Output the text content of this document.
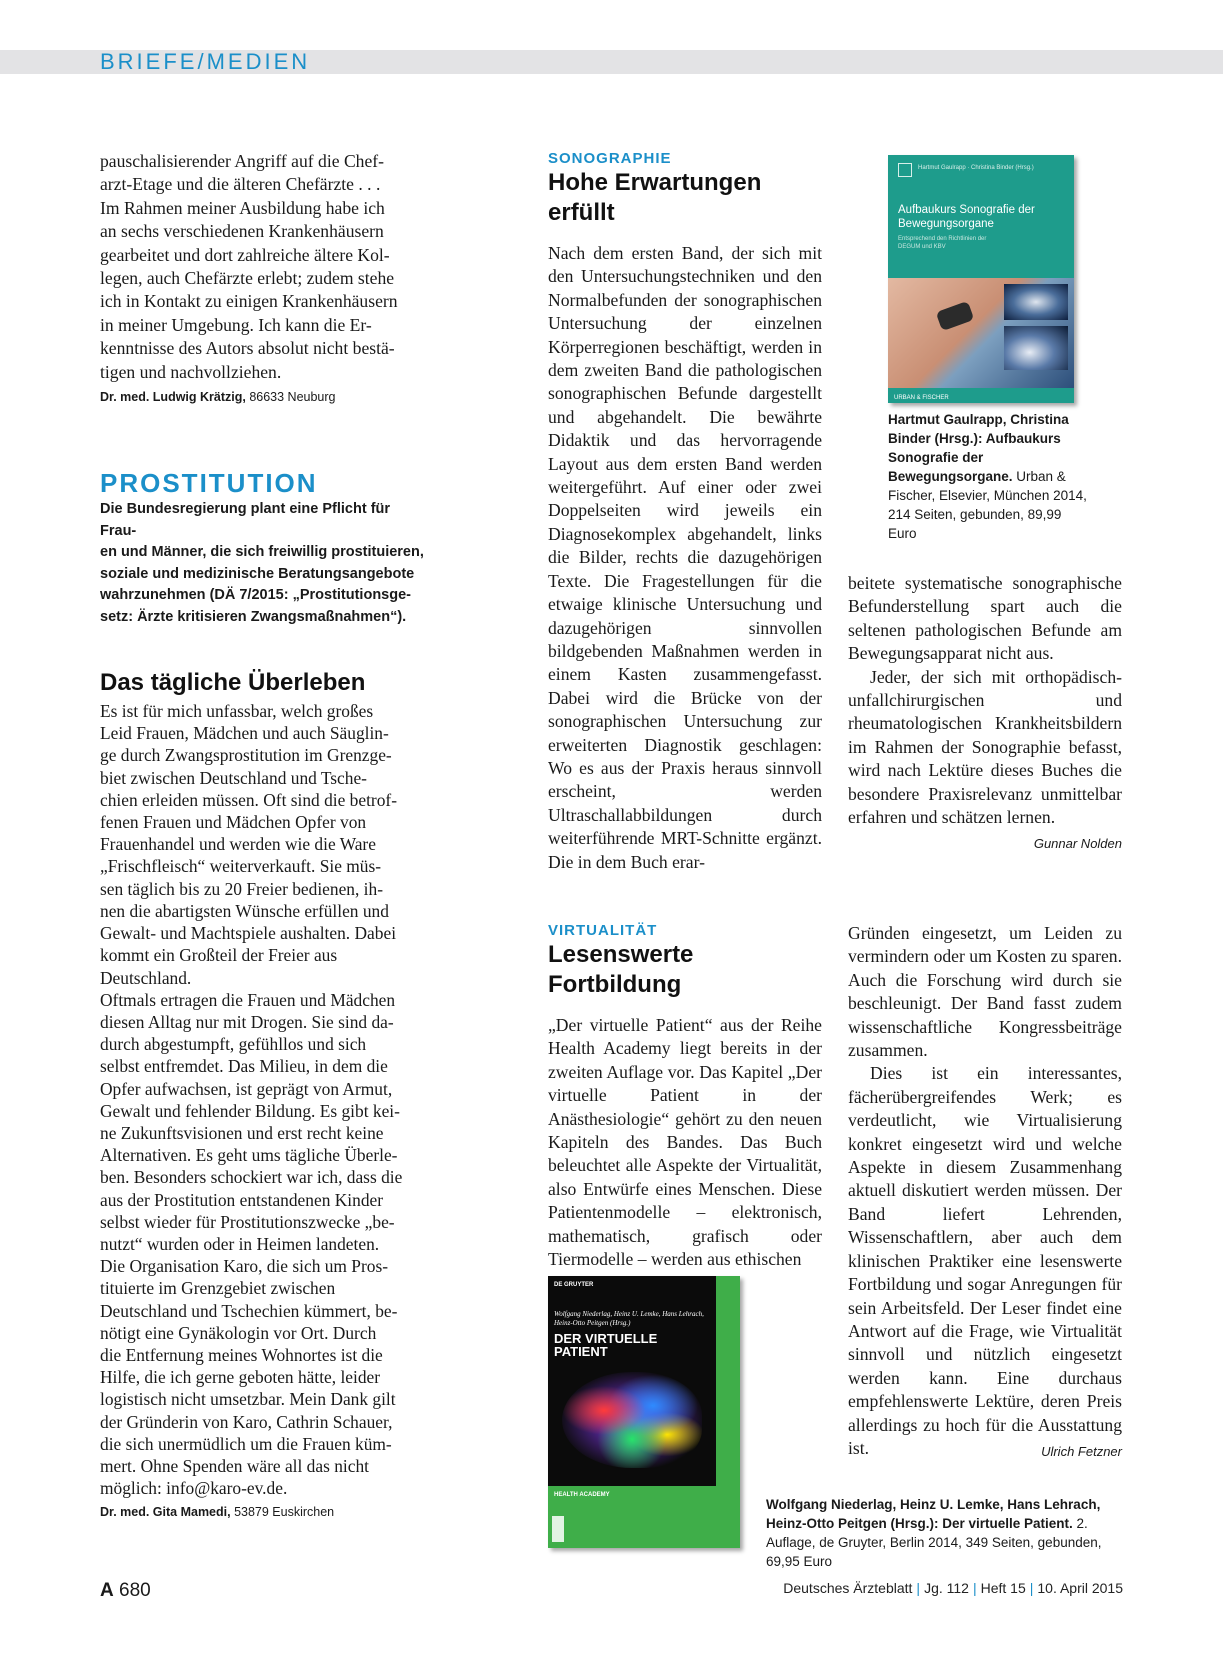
BRIEFE/MEDIEN

pauschalisierender Angriff auf die Chef-
arzt-Etage und die älteren Chefärzte . . .
Im Rahmen meiner Ausbildung habe ich
an sechs verschiedenen Krankenhäusern
gearbeitet und dort zahlreiche ältere Kol-
legen, auch Chefärzte erlebt; zudem stehe
ich in Kontakt zu einigen Krankenhäusern
in meiner Umgebung. Ich kann die Er-
kenntnisse des Autors absolut nicht bestä-
tigen und nachvollziehen.

Dr. med. Ludwig Krätzig, 86633 Neuburg
PROSTITUTION

Die Bundesregierung plant eine Pflicht für Frau-
en und Männer, die sich freiwillig prostituieren,
soziale und medizinische Beratungsangebote
wahrzunehmen (DÄ 7/2015: „Prostitutionsge-
setz: Ärzte kritisieren Zwangsmaßnahmen“).

Das tägliche Überleben

Es ist für mich unfassbar, welch großes
Leid Frauen, Mädchen und auch Säuglin-
ge durch Zwangsprostitution im Grenzge-
biet zwischen Deutschland und Tsche-
chien erleiden müssen. Oft sind die betrof-
fenen Frauen und Mädchen Opfer von
Frauenhandel und werden wie die Ware
„Frischfleisch“ weiterverkauft. Sie müs-
sen täglich bis zu 20 Freier bedienen, ih-
nen die abartigsten Wünsche erfüllen und
Gewalt- und Machtspiele aushalten. Dabei
kommt ein Großteil der Freier aus
Deutschland.
Oftmals ertragen die Frauen und Mädchen
diesen Alltag nur mit Drogen. Sie sind da-
durch abgestumpft, gefühllos und sich
selbst entfremdet. Das Milieu, in dem die
Opfer aufwachsen, ist geprägt von Armut,
Gewalt und fehlender Bildung. Es gibt kei-
ne Zukunftsvisionen und erst recht keine
Alternativen. Es geht ums tägliche Überle-
ben. Besonders schockiert war ich, dass die
aus der Prostitution entstandenen Kinder
selbst wieder für Prostitutionszwecke „be-
nutzt“ wurden oder in Heimen landeten.
Die Organisation Karo, die sich um Pros-
tituierte im Grenzgebiet zwischen
Deutschland und Tschechien kümmert, be-
nötigt eine Gynäkologin vor Ort. Durch
die Entfernung meines Wohnortes ist die
Hilfe, die ich gerne geboten hätte, leider
logistisch nicht umsetzbar. Mein Dank gilt
der Gründerin von Karo, Cathrin Schauer,
die sich unermüdlich um die Frauen küm-
mert. Ohne Spenden wäre all das nicht
möglich: info@karo-ev.de.

Dr. med. Gita Mamedi, 53879 Euskirchen
SONOGRAPHIE
Hohe Erwartungen erfüllt

Nach dem ersten Band, der sich mit den Untersuchungstechniken und den Normalbefunden der sonographischen Untersuchung der einzelnen Körperregionen beschäftigt, werden in dem zweiten Band die pathologischen sonographischen Befunde dargestellt und abgehandelt. Die bewährte Didaktik und das hervorragende Layout aus dem ersten Band werden weitergeführt. Auf einer oder zwei Doppelseiten wird jeweils ein Diagnosekomplex abgehandelt, links die Bilder, rechts die dazugehörigen Texte. Die Fragestellungen für die etwaige klinische Untersuchung und dazugehörigen sinnvollen bildgebenden Maßnahmen werden in einem Kasten zusammengefasst. Dabei wird die Brücke von der sonographischen Untersuchung zur erweiterten Diagnostik geschlagen: Wo es aus der Praxis heraus sinnvoll erscheint, werden Ultraschallabbildungen durch weiterführende MRT-Schnitte ergänzt. Die in dem Buch erar-

Hartmut Gaulrapp · Christina Binder (Hrsg.)
Aufbaukurs Sonografie der Bewegungsorgane
Entsprechend den Richtlinien der DEGUM und KBV
URBAN & FISCHER
Hartmut Gaulrapp, Christina Binder (Hrsg.): Aufbaukurs Sonografie der Bewegungsorgane. Urban & Fischer, Elsevier, München 2014, 214 Seiten, gebunden, 89,99 Euro

beitete systematische sonographische Befunderstellung spart auch die seltenen pathologischen Befunde am Bewegungsapparat nicht aus.

Jeder, der sich mit orthopädisch-unfallchirurgischen und rheumatologischen Krankheitsbildern im Rahmen der Sonographie befasst, wird nach Lektüre dieses Buches die besondere Praxisrelevanz unmittelbar erfahren und schätzen lernen.
Gunnar Nolden

VIRTUALITÄT
Lesenswerte Fortbildung

„Der virtuelle Patient“ aus der Reihe Health Academy liegt bereits in der zweiten Auflage vor. Das Kapitel „Der virtuelle Patient in der Anästhesiologie“ gehört zu den neuen Kapiteln des Bandes. Das Buch beleuchtet alle Aspekte der Virtualität, also Entwürfe eines Menschen. Diese Patientenmodelle – elektronisch, mathematisch, grafisch oder Tiermodelle – werden aus ethischen

DE GRUYTER
Wolfgang Niederlag, Heinz U. Lemke, Hans Lehrach, Heinz-Otto Peitgen (Hrsg.)
DER VIRTUELLE PATIENT
HEALTH ACADEMY

Gründen eingesetzt, um Leiden zu vermindern oder um Kosten zu sparen. Auch die Forschung wird durch sie beschleunigt. Der Band fasst zudem wissenschaftliche Kongressbeiträge zusammen.

Dies ist ein interessantes, fächerübergreifendes Werk; es verdeutlicht, wie Virtualisierung konkret eingesetzt wird und welche Aspekte in diesem Zusammenhang aktuell diskutiert werden müssen. Der Band liefert Lehrenden, Wissenschaftlern, aber auch dem klinischen Praktiker eine lesenswerte Fortbildung und sogar Anregungen für sein Arbeitsfeld. Der Leser findet eine Antwort auf die Frage, wie Virtualität sinnvoll und nützlich eingesetzt werden kann. Eine durchaus empfehlenswerte Lektüre, deren Preis allerdings zu hoch für die Ausstattung ist.	Ulrich Fetzner

Wolfgang Niederlag, Heinz U. Lemke, Hans Lehrach, Heinz-Otto Peitgen (Hrsg.): Der virtuelle Patient. 2. Auflage, de Gruyter, Berlin 2014, 349 Seiten, gebunden, 69,95 Euro
A 680	Deutsches Ärzteblatt | Jg. 112 | Heft 15 | 10. April 2015
